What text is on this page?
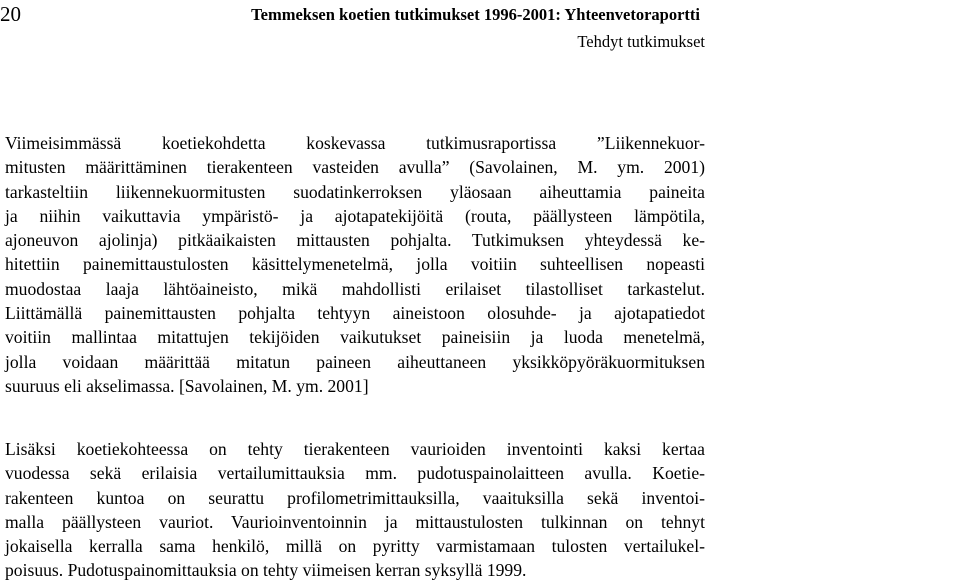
20	Temmeksen koetien tutkimukset 1996-2001: Yhteenvetoraportti
Tehdyt tutkimukset
Viimeisimmässä koetiekohdetta koskevassa tutkimusraportissa ”Liikennekuor-
mitusten määrittäminen tierakenteen vasteiden avulla” (Savolainen, M. ym. 2001)
tarkasteltiin liikennekuormitusten suodatinkerroksen yläosaan aiheuttamia paineita
ja niihin vaikuttavia ympäristö- ja ajotapatekijöitä (routa, päällysteen lämpötila,
ajoneuvon ajolinja) pitkäaikaisten mittausten pohjalta. Tutkimuksen yhteydessä ke-
hitettiin painemittaustulosten käsittelymenetelmä, jolla voitiin suhteellisen nopeasti
muodostaa laaja lähtöaineisto, mikä mahdollisti erilaiset tilastolliset tarkastelut.
Liittämällä painemittausten pohjalta tehtyyn aineistoon olosuhde- ja ajotapatiedot
voitiin mallintaa mitattujen tekijöiden vaikutukset paineisiin ja luoda menetelmä,
jolla voidaan määrittää mitatun paineen aiheuttaneen yksikköpyöräkuormituksen
suuruus eli akselimassa. [Savolainen, M. ym. 2001]
Lisäksi koetiekohteessa on tehty tierakenteen vaurioiden inventointi kaksi kertaa
vuodessa sekä erilaisia vertailumittauksia mm. pudotuspainolaitteen avulla. Koetie-
rakenteen kuntoa on seurattu profilometrimittauksilla, vaaituksilla sekä inventoi-
malla päällysteen vauriot. Vaurioinventoinnin ja mittaustulosten tulkinnan on tehnyt
jokaisella kerralla sama henkilö, millä on pyritty varmistamaan tulosten vertailukel-
poisuus. Pudotuspainomittauksia on tehty viimeisen kerran syksyllä 1999.
